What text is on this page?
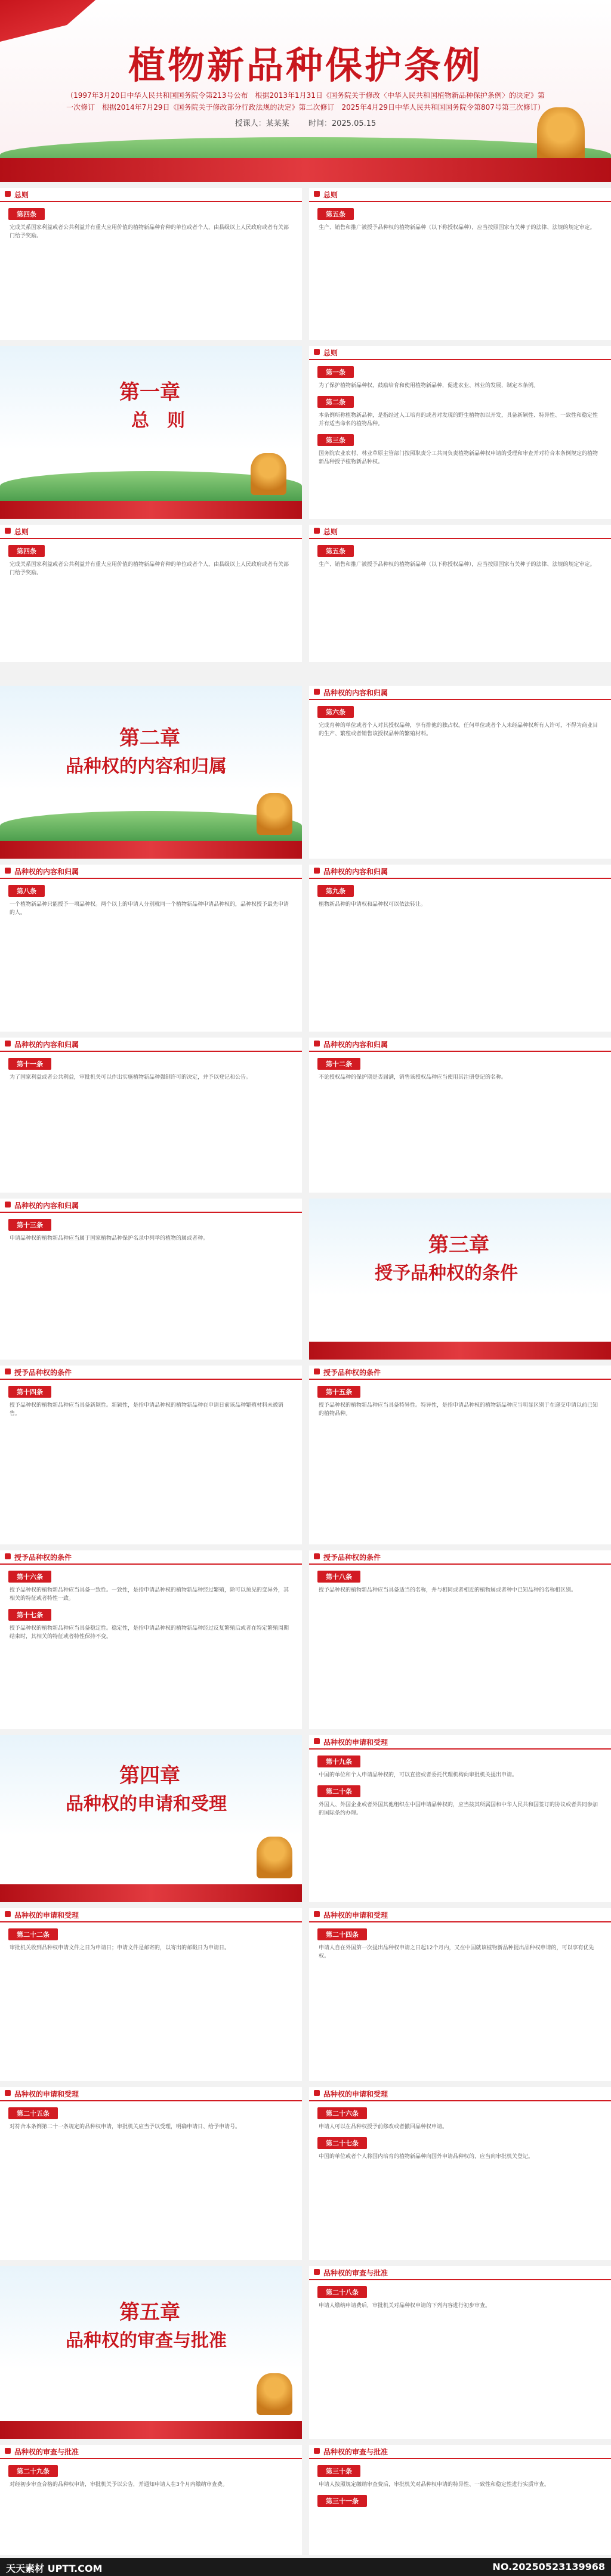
植物新品种保护条例
（1997年3月20日中华人民共和国国务院令第213号公布　根据2013年1月31日《国务院关于修改〈中华人民共和国植物新品种保护条例〉的决定》第一次修订　根据2014年7月29日《国务院关于修改部分行政法规的决定》第二次修订　2025年4月29日中华人民共和国国务院令第807号第三次修订）
授课人：某某某 时间：2025.05.15
第一章
总　则
总则
第一条
为了保护植物新品种权，鼓励培育和使用植物新品种，促进农业、林业的发展，制定本条例。
第二条
本条例所称植物新品种，是指经过人工培育的或者对发现的野生植物加以开发，具备新颖性、特异性、一致性和稳定性并有适当命名的植物品种。
第三条
国务院农业农村、林业草原主管部门按照职责分工共同负责植物新品种权申请的受理和审查并对符合本条例规定的植物新品种授予植物新品种权。
总则
第四条
完成关系国家利益或者公共利益并有重大应用价值的植物新品种育种的单位或者个人，由县级以上人民政府或者有关部门给予奖励。
总则
第五条
生产、销售和推广被授予品种权的植物新品种（以下称授权品种），应当按照国家有关种子的法律、法规的规定审定。
第二章
品种权的内容和归属
品种权的内容和归属
第六条
完成育种的单位或者个人对其授权品种，享有排他的独占权。任何单位或者个人未经品种权所有人许可，不得为商业目的生产、繁殖或者销售该授权品种的繁殖材料。
品种权的内容和归属
第八条
一个植物新品种只能授予一项品种权。两个以上的申请人分别就同一个植物新品种申请品种权的，品种权授予最先申请的人。
品种权的内容和归属
第九条
植物新品种的申请权和品种权可以依法转让。
品种权的内容和归属
第十一条
为了国家利益或者公共利益，审批机关可以作出实施植物新品种强制许可的决定，并予以登记和公告。
品种权的内容和归属
第十二条
不论授权品种的保护期是否届满，销售该授权品种应当使用其注册登记的名称。
品种权的内容和归属
第十三条
申请品种权的植物新品种应当属于国家植物品种保护名录中列举的植物的属或者种。	第三章
授予品种权的条件
授予品种权的条件
第十四条
授予品种权的植物新品种应当具备新颖性。新颖性，是指申请品种权的植物新品种在申请日前该品种繁殖材料未被销售。
授予品种权的条件
第十五条
授予品种权的植物新品种应当具备特异性。特异性，是指申请品种权的植物新品种应当明显区别于在递交申请以前已知的植物品种。
授予品种权的条件
第十六条
授予品种权的植物新品种应当具备一致性。一致性，是指申请品种权的植物新品种经过繁殖，除可以预见的变异外，其相关的特征或者特性一致。
第十七条
授予品种权的植物新品种应当具备稳定性。稳定性，是指申请品种权的植物新品种经过反复繁殖后或者在特定繁殖周期结束时，其相关的特征或者特性保持不变。
授予品种权的条件
第十八条
授予品种权的植物新品种应当具备适当的名称，并与相同或者相近的植物属或者种中已知品种的名称相区别。
第四章
品种权的申请和受理
品种权的申请和受理
第十九条
中国的单位和个人申请品种权的，可以直接或者委托代理机构向审批机关提出申请。
第二十条
外国人、外国企业或者外国其他组织在中国申请品种权的，应当按其所属国和中华人民共和国签订的协议或者共同参加的国际条约办理。
品种权的申请和受理
第二十二条
审批机关收到品种权申请文件之日为申请日；申请文件是邮寄的，以寄出的邮戳日为申请日。
品种权的申请和受理
第二十四条
申请人自在外国第一次提出品种权申请之日起12个月内，又在中国就该植物新品种提出品种权申请的，可以享有优先权。
品种权的申请和受理
第二十五条
对符合本条例第二十一条规定的品种权申请，审批机关应当予以受理，明确申请日、给予申请号。
品种权的申请和受理
第二十六条
申请人可以在品种权授予前修改或者撤回品种权申请。
第二十七条
中国的单位或者个人将国内培育的植物新品种向国外申请品种权的，应当向审批机关登记。
第五章
品种权的审查与批准
品种权的审查与批准
第二十八条
申请人缴纳申请费后，审批机关对品种权申请的下列内容进行初步审查。
品种权的审查与批准
第二十九条
对经初步审查合格的品种权申请，审批机关予以公告，并通知申请人在3个月内缴纳审查费。
品种权的审查与批准
第三十条
申请人按照规定缴纳审查费后，审批机关对品种权申请的特异性、一致性和稳定性进行实质审查。
第三十一条
总则
第四条
完成关系国家利益或者公共利益并有重大应用价值的植物新品种育种的单位或者个人，由县级以上人民政府或者有关部门给予奖励。
总则
第五条
生产、销售和推广被授予品种权的植物新品种（以下称授权品种），应当按照国家有关种子的法律、法规的规定审定。
天天素材 UPTT.COM	NO.20250523139968
